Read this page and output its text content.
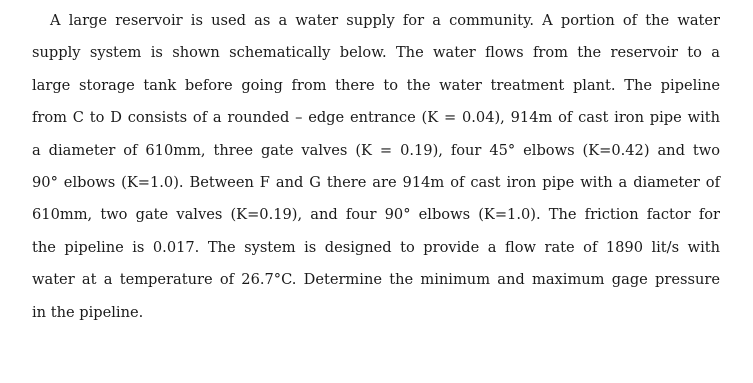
A large reservoir is used as a water supply for a community. A portion of the water
supply system is shown schematically below. The water flows from the reservoir to a
large storage tank before going from there to the water treatment plant. The pipeline
from C to D consists of a rounded – edge entrance (K = 0.04), 914m of cast iron pipe with
a diameter of 610mm, three gate valves (K = 0.19), four 45° elbows (K=0.42) and two
90° elbows (K=1.0). Between F and G there are 914m of cast iron pipe with a diameter of
610mm, two gate valves (K=0.19), and four 90° elbows (K=1.0). The friction factor for
the pipeline is 0.017. The system is designed to provide a flow rate of 1890 lit/s with
water at a temperature of 26.7°C. Determine the minimum and maximum gage pressure
in the pipeline.
